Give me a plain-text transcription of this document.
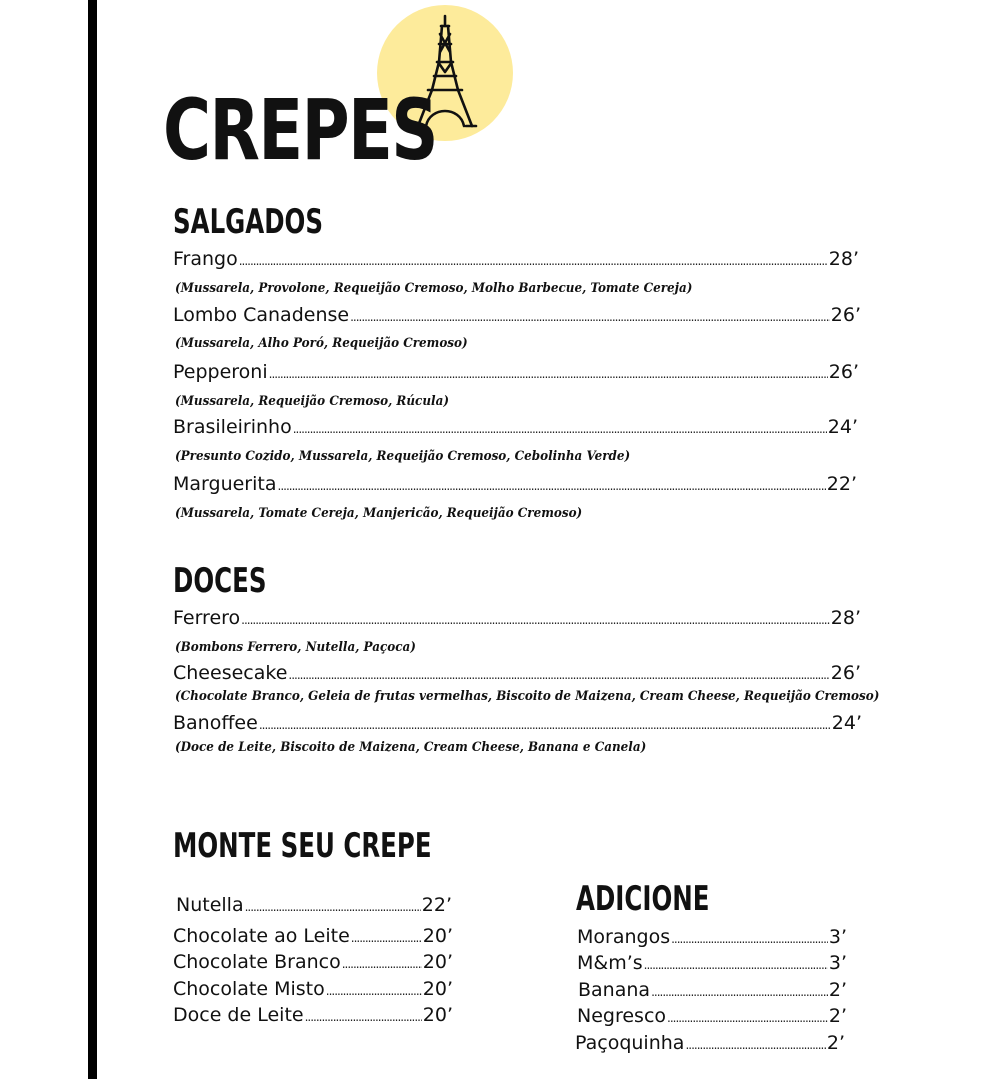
CREPES
SALGADOS
Frango .....	28’

(Mussarela, Provolone, Requeijão Cremoso, Molho Barbecue, Tomate Cereja)

Lombo Canadense .....	26’

(Mussarela, Alho Poró, Requeijão Cremoso)

Pepperoni .....	26’

(Mussarela, Requeijão Cremoso, Rúcula)

Brasileirinho .....	24’

(Presunto Cozido, Mussarela, Requeijão Cremoso, Cebolinha Verde)

Marguerita .....	22’

(Mussarela, Tomate Cereja, Manjericão, Requeijão Cremoso)

DOCES
Ferrero .....	28’

(Bombons Ferrero, Nutella, Paçoca)

Cheesecake .....	26’

(Chocolate Branco, Geleia de frutas vermelhas, Biscoito de Maizena, Cream Cheese, Requeijão Cremoso)

Banoffee .....	24’

(Doce de Leite, Biscoito de Maizena, Cream Cheese, Banana e Canela)

MONTE SEU CREPE
Nutella .....	22’
Chocolate ao Leite .....	20’
Chocolate Branco .....	20’
Chocolate Misto .....	20’
Doce de Leite .....	20’
ADICIONE
Morangos .....	3’
M&m’s .....	3’
Banana .....	2’
Negresco .....	2’
Paçoquinha .....	2’
